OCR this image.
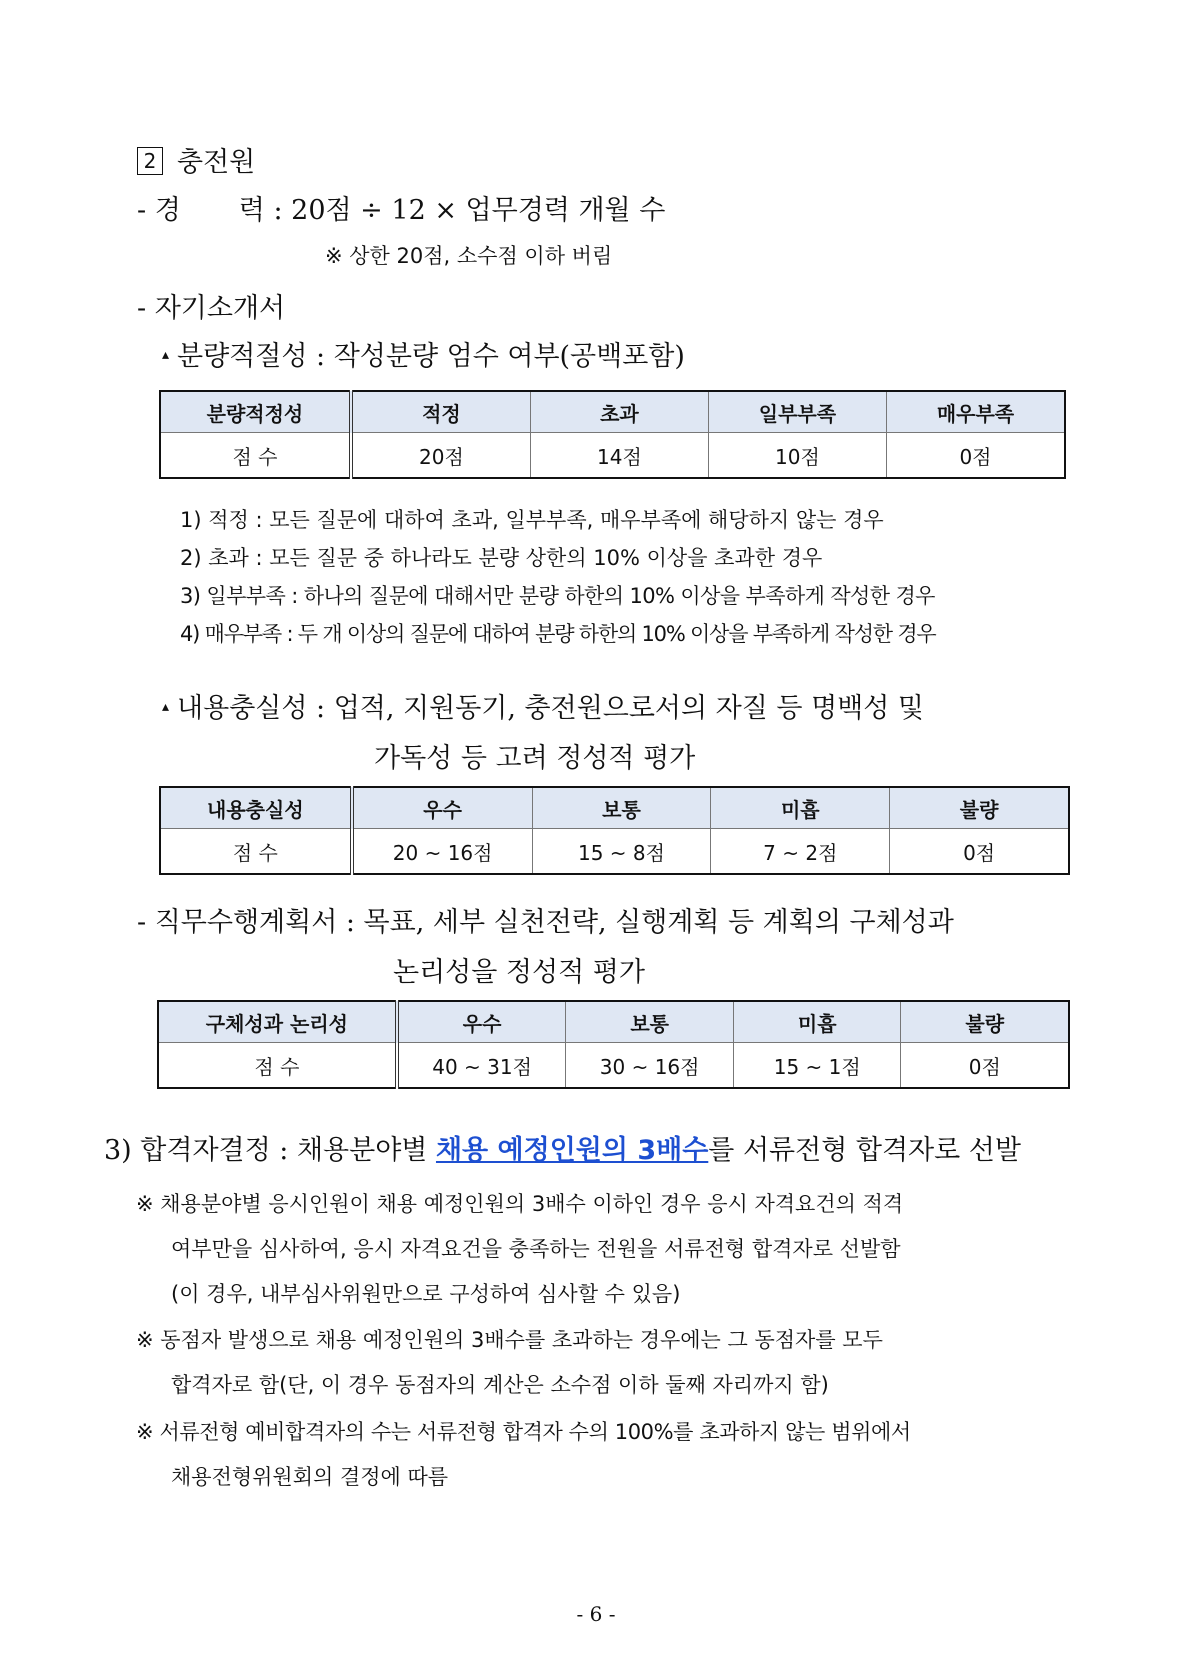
2 충전원
- 경 력 : 20점 ÷ 12 × 업무경력 개월 수
※ 상한 20점, 소수점 이하 버림
- 자기소개서
▴ 분량적절성 : 작성분량 엄수 여부(공백포함)
분량적정성	적정	초과	일부부족	매우부족
점 수	20점	14점	10점	0점
1) 적정 : 모든 질문에 대하여 초과, 일부부족, 매우부족에 해당하지 않는 경우
2) 초과 : 모든 질문 중 하나라도 분량 상한의 10% 이상을 초과한 경우
3) 일부부족 : 하나의 질문에 대해서만 분량 하한의 10% 이상을 부족하게 작성한 경우
4) 매우부족 : 두 개 이상의 질문에 대하여 분량 하한의 10% 이상을 부족하게 작성한 경우
▴ 내용충실성 : 업적, 지원동기, 충전원으로서의 자질 등 명백성 및
가독성 등 고려 정성적 평가
내용충실성	우수	보통	미흡	불량
점 수	20 ~ 16점	15 ~ 8점	7 ~ 2점	0점
- 직무수행계획서 : 목표, 세부 실천전략, 실행계획 등 계획의 구체성과
논리성을 정성적 평가
구체성과 논리성	우수	보통	미흡	불량
점 수	40 ~ 31점	30 ~ 16점	15 ~ 1점	0점
3) 합격자결정 : 채용분야별 채용 예정인원의 3배수를 서류전형 합격자로 선발
※ 채용분야별 응시인원이 채용 예정인원의 3배수 이하인 경우 응시 자격요건의 적격
여부만을 심사하여, 응시 자격요건을 충족하는 전원을 서류전형 합격자로 선발함
(이 경우, 내부심사위원만으로 구성하여 심사할 수 있음)
※ 동점자 발생으로 채용 예정인원의 3배수를 초과하는 경우에는 그 동점자를 모두
합격자로 함(단, 이 경우 동점자의 계산은 소수점 이하 둘째 자리까지 함)
※ 서류전형 예비합격자의 수는 서류전형 합격자 수의 100%를 초과하지 않는 범위에서
채용전형위원회의 결정에 따름
- 6 -
